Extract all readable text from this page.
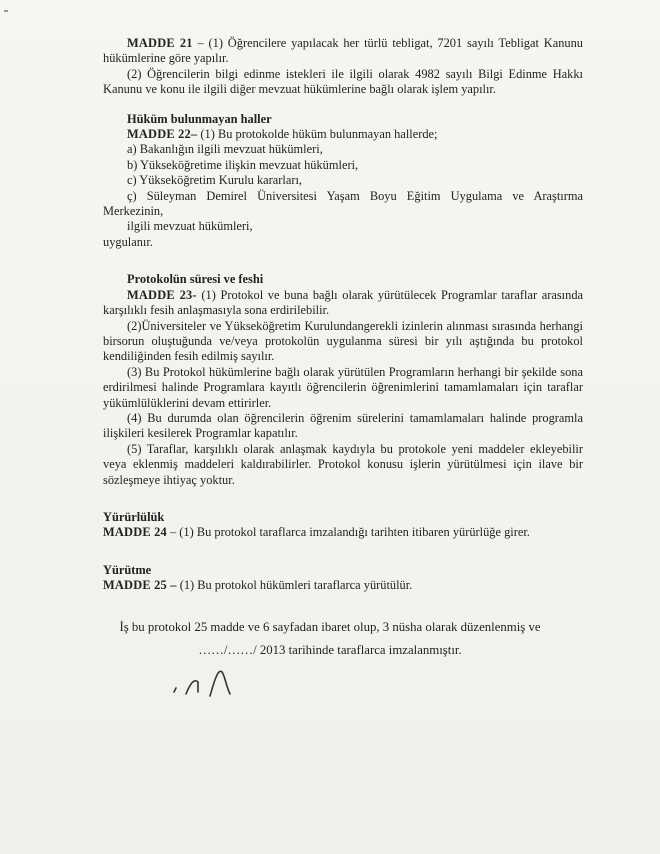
MADDE 21 – (1) Öğrencilere yapılacak her türlü tebligat, 7201 sayılı Tebligat Kanunu hükümlerine göre yapılır.

(2) Öğrencilerin bilgi edinme istekleri ile ilgili olarak 4982 sayılı Bilgi Edinme Hakkı Kanunu ve konu ile ilgili diğer mevzuat hükümlerine bağlı olarak işlem yapılır.

Hüküm bulunmayan haller

MADDE 22– (1) Bu protokolde hüküm bulunmayan hallerde;

a) Bakanlığın ilgili mevzuat hükümleri,

b) Yükseköğretime ilişkin mevzuat hükümleri,

c) Yükseköğretim Kurulu kararları,

ç) Süleyman Demirel Üniversitesi Yaşam Boyu Eğitim Uygulama ve Araştırma Merkezinin,

ilgili mevzuat hükümleri,

uygulanır.

Protokolün süresi ve feshi

MADDE 23- (1) Protokol ve buna bağlı olarak yürütülecek Programlar taraflar arasında karşılıklı fesih anlaşmasıyla sona erdirilebilir.

(2)Üniversiteler ve Yükseköğretim Kurulundangerekli izinlerin alınması sırasında herhangi birsorun oluştuğunda ve/veya protokolün uygulanma süresi bir yılı aştığında bu protokol kendiliğinden fesih edilmiş sayılır.

(3) Bu Protokol hükümlerine bağlı olarak yürütülen Programların herhangi bir şekilde sona erdirilmesi halinde Programlara kayıtlı öğrencilerin öğrenimlerini tamamlamaları için taraflar yükümlülüklerini devam ettirirler.

(4) Bu durumda olan öğrencilerin öğrenim sürelerini tamamlamaları halinde programla ilişkileri kesilerek Programlar kapatılır.

(5) Taraflar, karşılıklı olarak anlaşmak kaydıyla bu protokole yeni maddeler ekleyebilir veya eklenmiş maddeleri kaldırabilirler. Protokol konusu işlerin yürütülmesi için ilave bir sözleşmeye ihtiyaç yoktur.

Yürürlülük

MADDE 24 – (1) Bu protokol taraflarca imzalandığı tarihten itibaren yürürlüğe girer.

Yürütme

MADDE 25 – (1) Bu protokol hükümleri taraflarca yürütülür.

İş bu protokol 25 madde ve 6 sayfadan ibaret olup, 3 nüsha olarak düzenlenmiş ve

……/……/ 2013 tarihinde taraflarca imzalanmıştır.
